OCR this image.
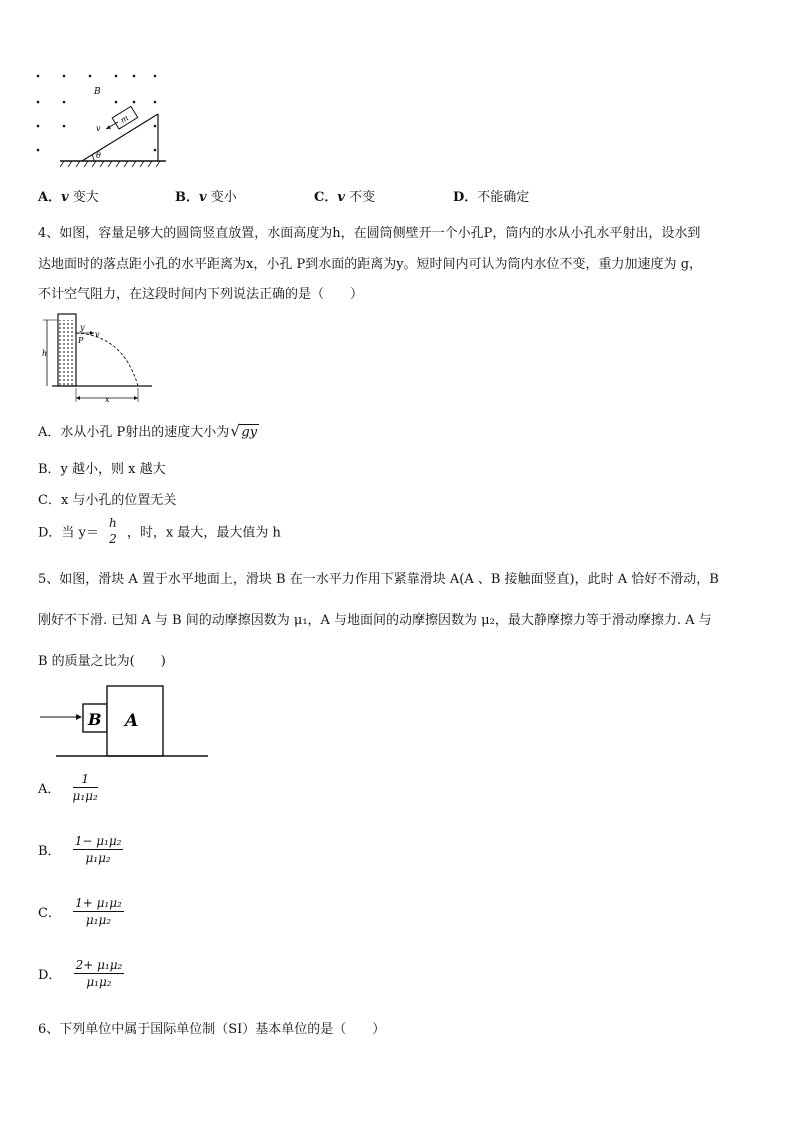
B
θ
m
v
A．v 变大	B．v 变小	C．v 不变	D．不能确定
4、如图，容量足够大的圆筒竖直放置，水面高度为h，在圆筒侧壁开一个小孔P，筒内的水从小孔水平射出，设水到
达地面时的落点距小孔的水平距离为x，小孔 P到水面的距离为y。短时间内可认为筒内水位不变，重力加速度为 g，
不计空气阻力，在这段时间内下列说法正确的是（　　）
h
y
P
v
x
A．水从小孔 P射出的速度大小为 √ gy
B．y 越小，则 x 越大
C．x 与小孔的位置无关
D．当 y＝
h
2 ，时，x 最大，最大值为 h
5、如图，滑块 A 置于水平地面上，滑块 B 在一水平力作用下紧靠滑块 A(A 、B 接触面竖直)，此时 A 恰好不滑动，B
刚好不下滑. 已知 A 与 B 间的动摩擦因数为 μ₁，A 与地面间的动摩擦因数为 μ₂，最大静摩擦力等于滑动摩擦力. A 与
B 的质量之比为(　　)
B A
A． $\frac{1}{\text{μ₁μ₂}}$
B． $\frac{\text{1− μ₁μ₂}}{\text{μ₁μ₂}}$
C． $\frac{\text{1+ μ₁μ₂}}{\text{μ₁μ₂}}$
D． $\frac{\text{2+ μ₁μ₂}}{\text{μ₁μ₂}}$
6、下列单位中属于国际单位制（SI）基本单位的是（　　）
